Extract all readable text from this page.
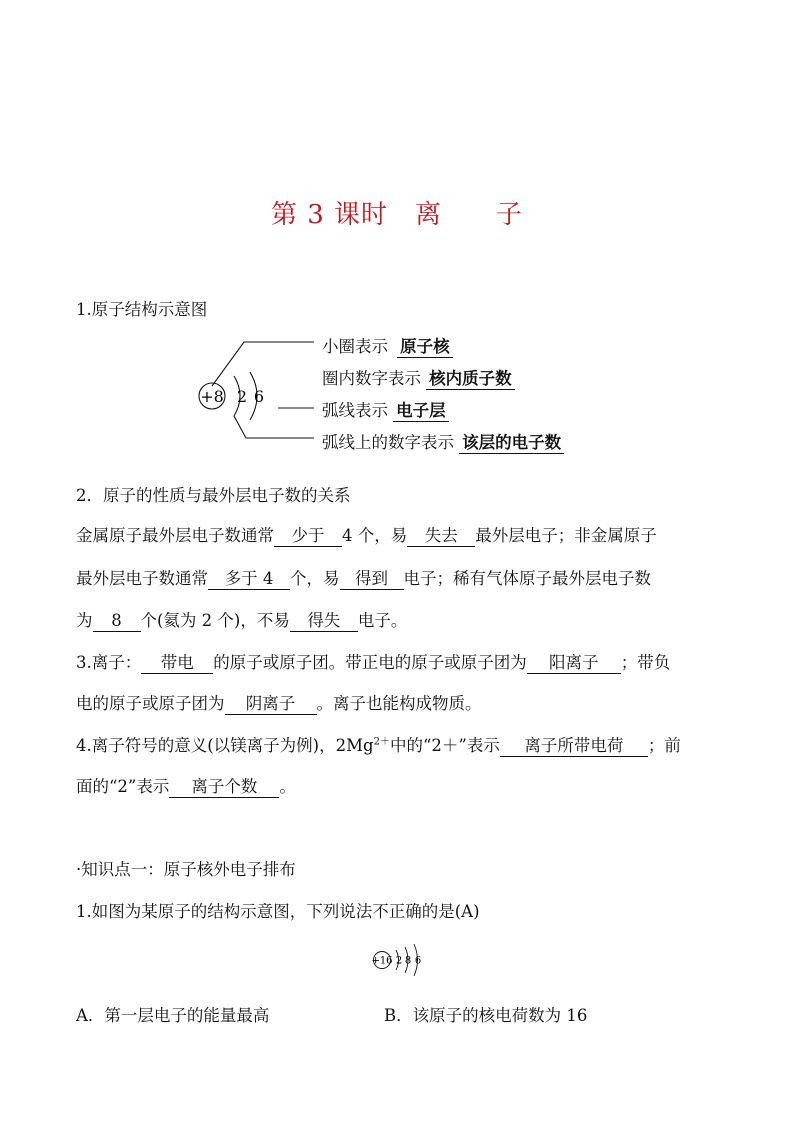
第 3 课时　离　　子
1.原子结构示意图
+8 2 6
小圈表示 原子核
圈内数字表示 核内质子数
弧线表示 电子层
弧线上的数字表示 该层的电子数
2．原子的性质与最外层电子数的关系
金属原子最外层电子数通常 少于 4 个，易 失去 最外层电子；非金属原子
最外层电子数通常 多于 4 个，易 得到 电子；稀有气体原子最外层电子数
为 8 个(氦为 2 个)，不易 得失 电子。
3.离子： 带电 的原子或原子团。带正电的原子或原子团为 阳离子 ；带负
电的原子或原子团为 阴离子 。离子也能构成物质。
4.离子符号的意义(以镁离子为例)，$2Mg^{2+}$中的“2＋”表示 离子所带电荷 ；前
面的“2”表示 离子个数 。
·知识点一：原子核外电子排布
1.如图为某原子的结构示意图，下列说法不正确的是(A)
+16 2 8 6
A．第一层电子的能量最高	B．该原子的核电荷数为 16
